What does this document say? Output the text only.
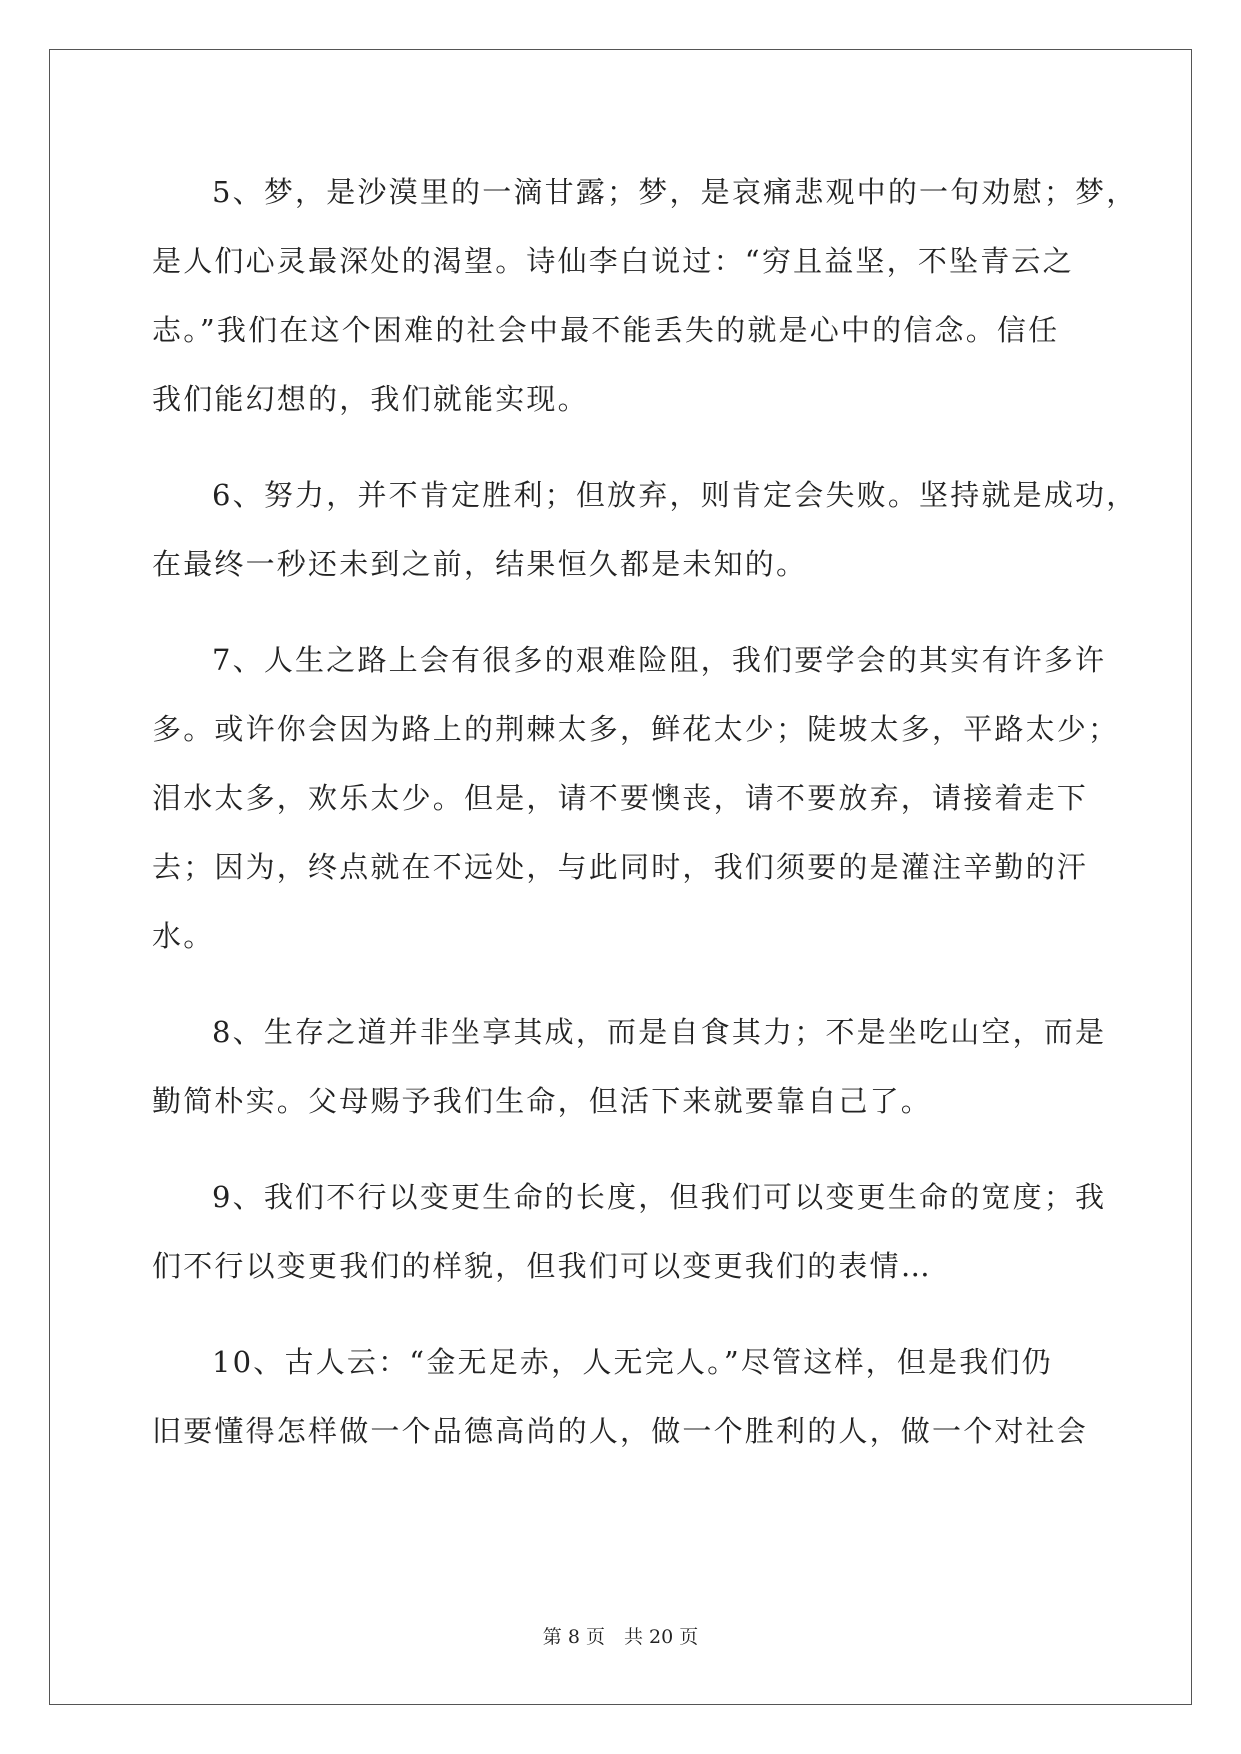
5、梦，是沙漠里的一滴甘露；梦，是哀痛悲观中的一句劝慰；梦，
是人们心灵最深处的渴望。诗仙李白说过：“穷且益坚，不坠青云之
志。”我们在这个困难的社会中最不能丢失的就是心中的信念。信任
我们能幻想的，我们就能实现。
6、努力，并不肯定胜利；但放弃，则肯定会失败。坚持就是成功，
在最终一秒还未到之前，结果恒久都是未知的。
7、人生之路上会有很多的艰难险阻，我们要学会的其实有许多许
多。或许你会因为路上的荆棘太多，鲜花太少；陡坡太多，平路太少；
泪水太多，欢乐太少。但是，请不要懊丧，请不要放弃，请接着走下
去；因为，终点就在不远处，与此同时，我们须要的是灌注辛勤的汗
水。
8、生存之道并非坐享其成，而是自食其力；不是坐吃山空，而是
勤简朴实。父母赐予我们生命，但活下来就要靠自己了。
9、我们不行以变更生命的长度，但我们可以变更生命的宽度；我
们不行以变更我们的样貌，但我们可以变更我们的表情…
10、古人云：“金无足赤，人无完人。”尽管这样，但是我们仍
旧要懂得怎样做一个品德高尚的人，做一个胜利的人，做一个对社会
第 8 页　共 20 页
